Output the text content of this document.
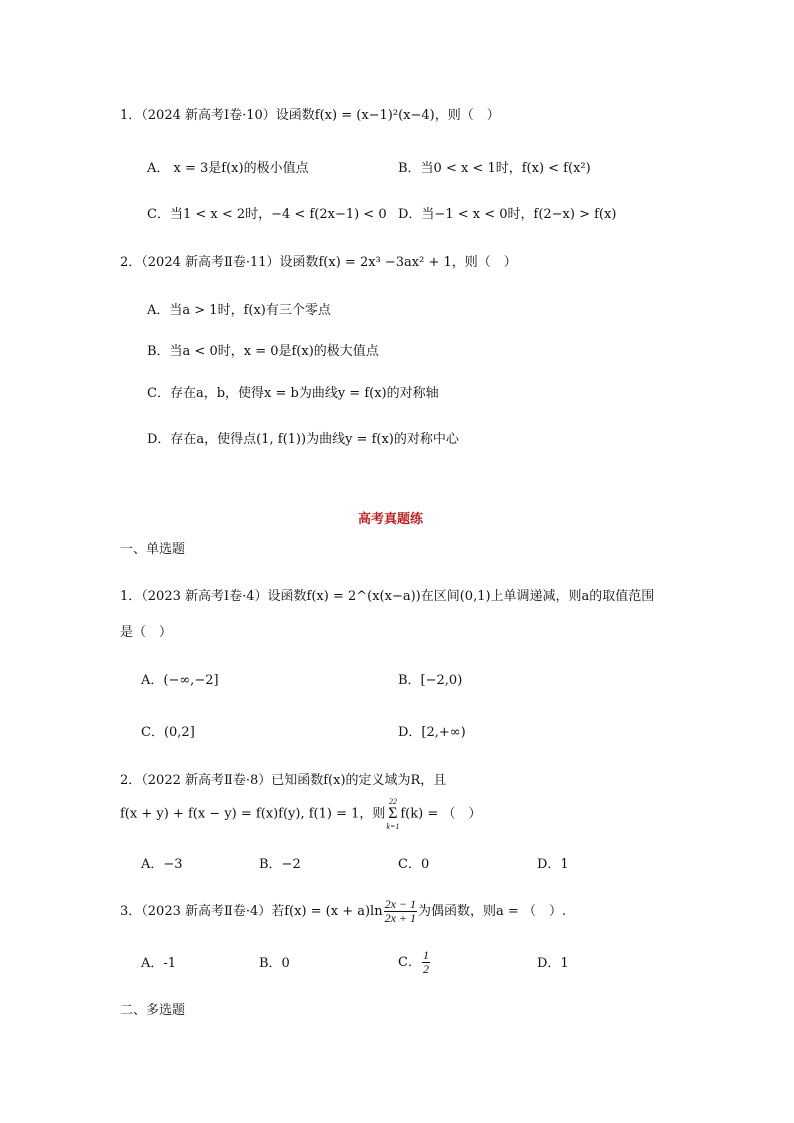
1．（2024 新高考Ⅰ卷·10）设函数f(x) = (x−1)²(x−4)，则（　）
A． x = 3是f(x)的极小值点	B．当0 < x < 1时，f(x) < f(x²)
C．当1 < x < 2时，−4 < f(2x−1) < 0 D．当−1 < x < 0时，f(2−x) > f(x)
2．（2024 新高考Ⅱ卷·11）设函数f(x) = 2x³ −3ax² + 1，则（　）
A．当a > 1时，f(x)有三个零点
B．当a < 0时，x = 0是f(x)的极大值点
C．存在a，b，使得x = b为曲线y = f(x)的对称轴
D．存在a，使得点(1, f(1))为曲线y = f(x)的对称中心
高考真题练
一、单选题
1．（2023 新高考Ⅰ卷·4）设函数f(x) = 2^(x(x−a))在区间(0,1)上单调递减，则a的取值范围
是（　）
A．(−∞,−2]	B．[−2,0)
C．(0,2]	D．[2,+∞)
2．（2022 新高考Ⅱ卷·8）已知函数f(x)的定义域为R，且
f(x + y) + f(x − y) = f(x)f(y), f(1) = 1，则
22
Σ
k=1
f(k) = （　）
A．−3	B．−2	C．0	D．1
3．（2023 新高考Ⅱ卷·4）若$f(x) = (x + a)\ln \frac{2x - 1}{2x + 1}$ 为偶函数，则a = （　）.
A．-1	B．0	C． $\frac{1}{2}$	D．1
二、多选题
